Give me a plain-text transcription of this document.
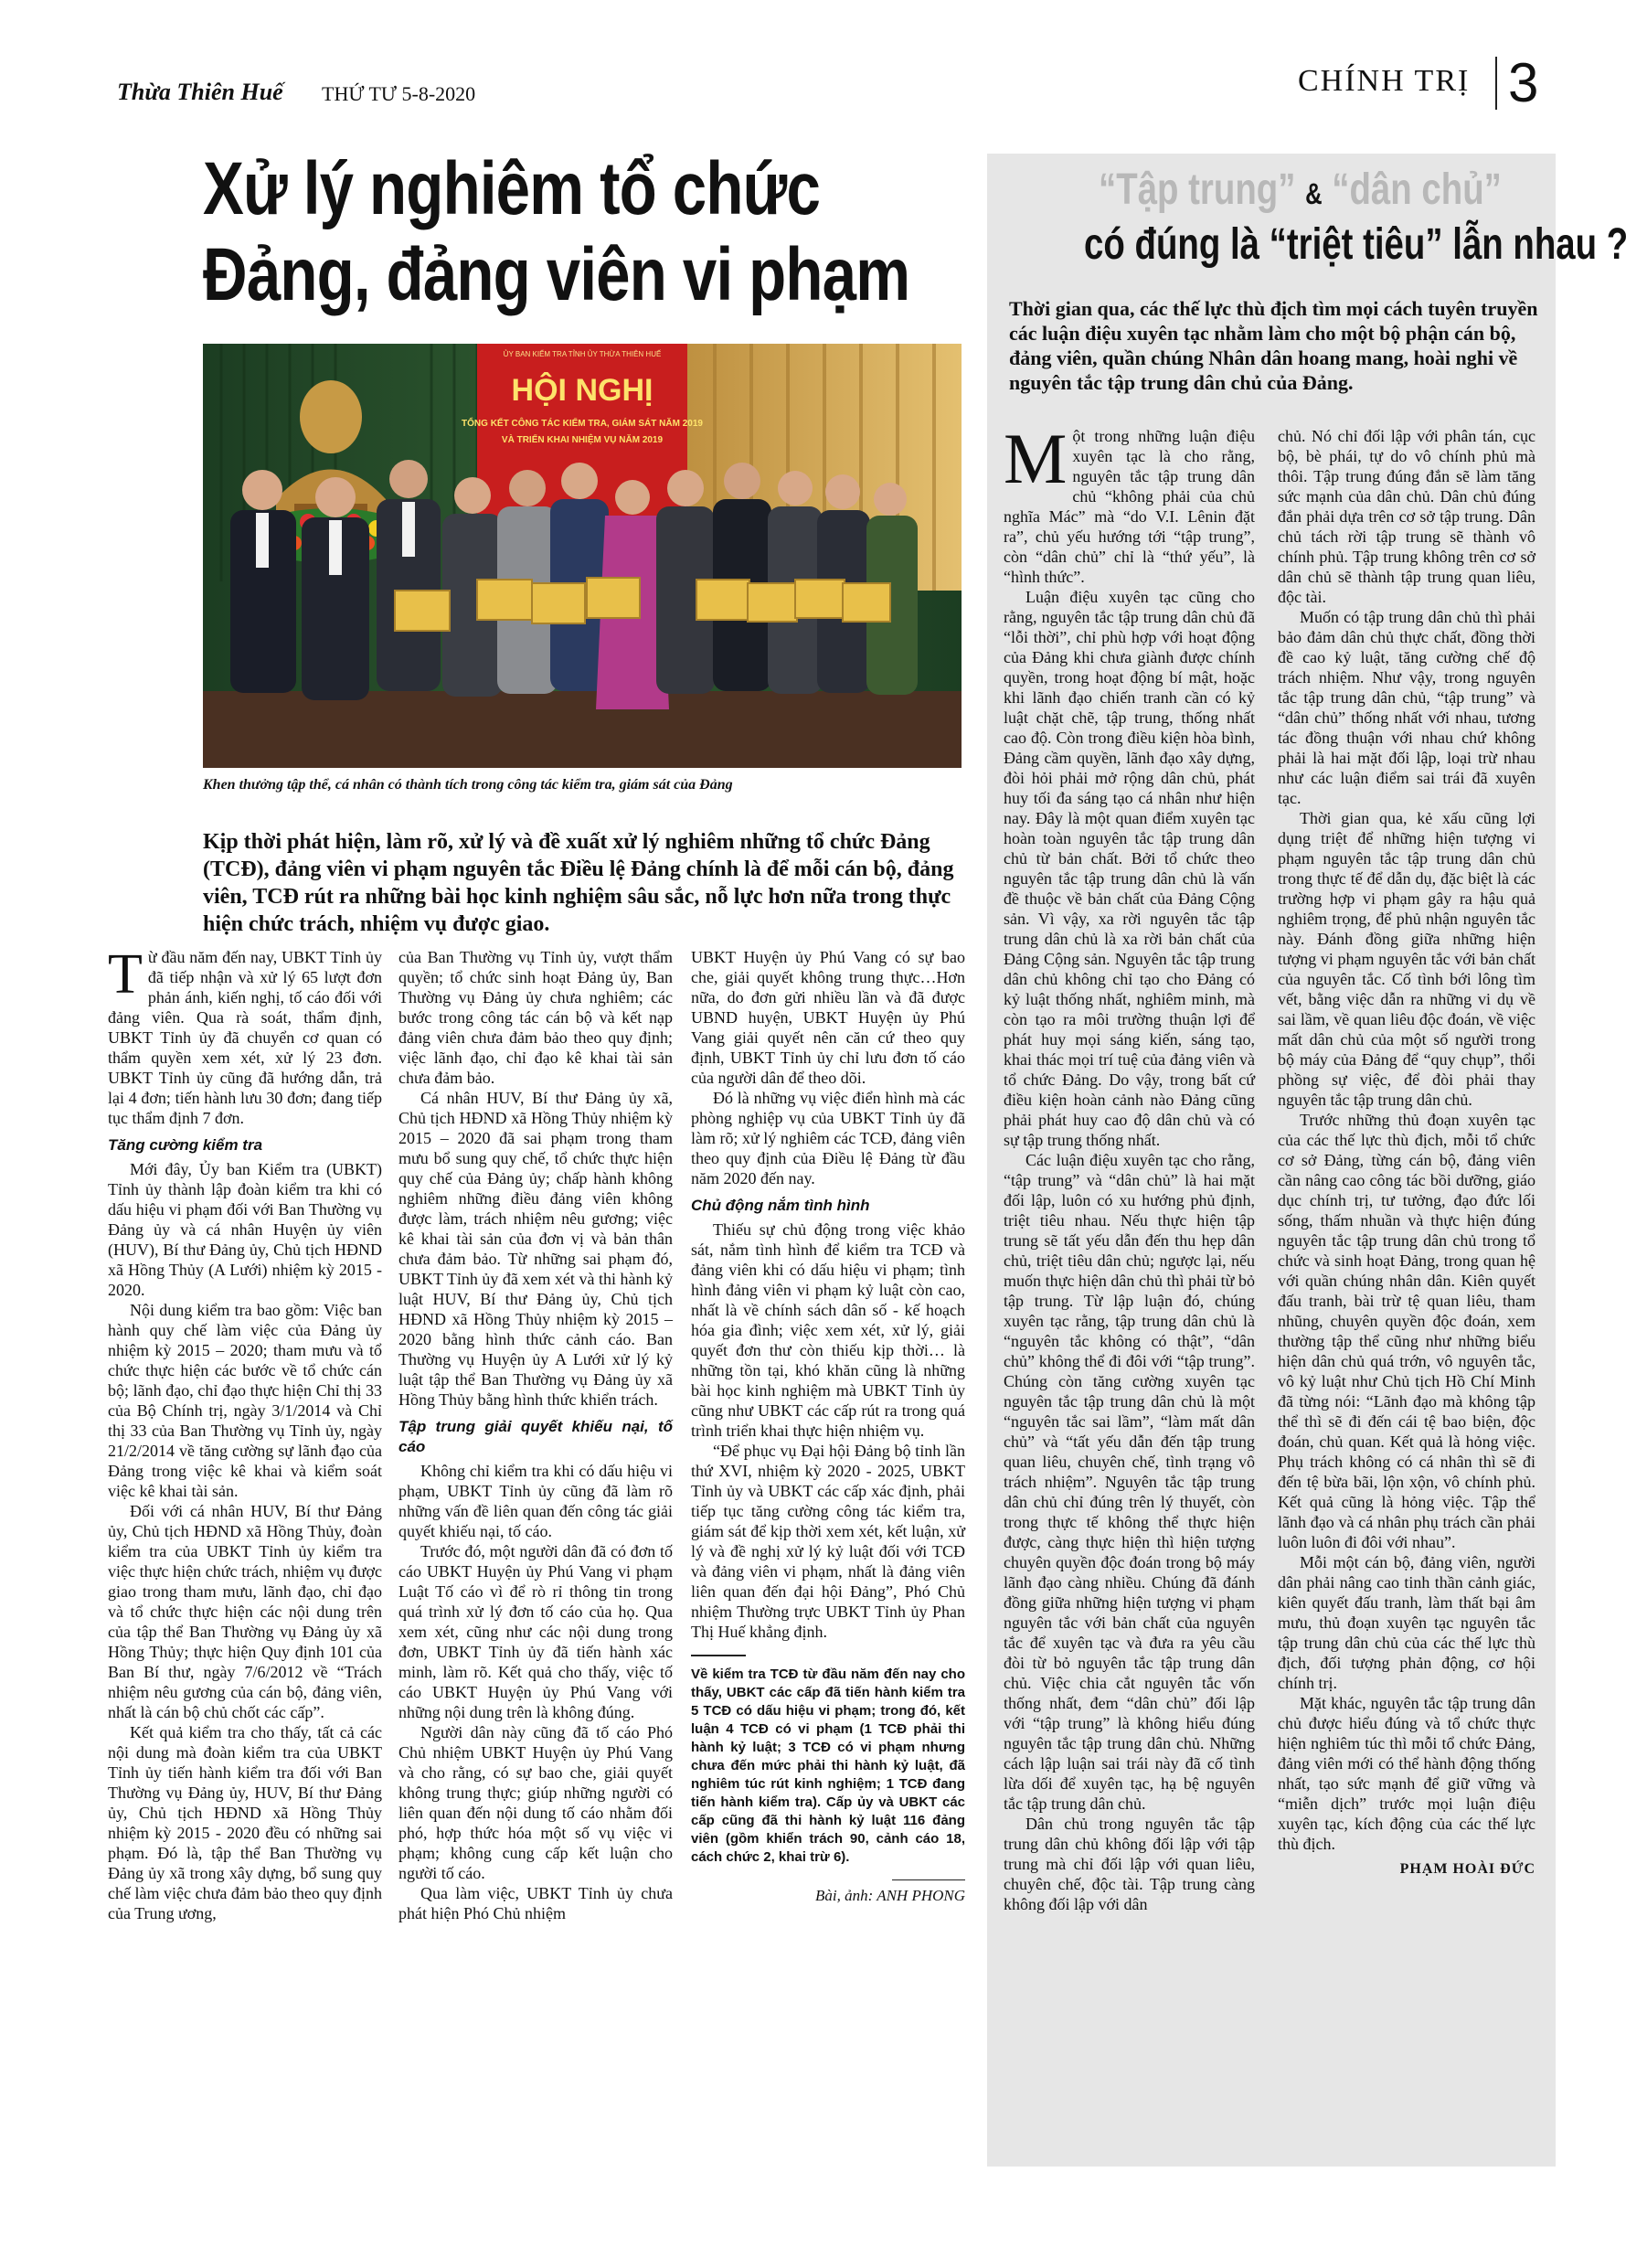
Thừa Thiên Huế THỨ TƯ 5-8-2020	CHÍNH TRỊ 3
Xử lý nghiêm tổ chức
Đảng, đảng viên vi phạm
ỦY BAN KIỂM TRA TỈNH ỦY THỪA THIÊN HUẾ
HỘI NGHỊ
TỔNG KẾT CÔNG TÁC KIỂM TRA, GIÁM SÁT NĂM 2019
VÀ TRIỂN KHAI NHIỆM VỤ NĂM 2019
Khen thưởng tập thể, cá nhân có thành tích trong công tác kiểm tra, giám sát của Đảng
Kịp thời phát hiện, làm rõ, xử lý và đề xuất xử lý nghiêm những tổ chức Đảng (TCĐ), đảng viên vi phạm nguyên tắc Điều lệ Đảng chính là để mỗi cán bộ, đảng viên, TCĐ rút ra những bài học kinh nghiệm sâu sắc, nỗ lực hơn nữa trong thực hiện chức trách, nhiệm vụ được giao.

Từ đầu năm đến nay, UBKT Tỉnh ủy đã tiếp nhận và xử lý 65 lượt đơn phản ánh, kiến nghị, tố cáo đối với đảng viên. Qua rà soát, thẩm định, UBKT Tỉnh ủy đã chuyển cơ quan có thẩm quyền xem xét, xử lý 23 đơn. UBKT Tỉnh ủy cũng đã hướng dẫn, trả lại 4 đơn; tiến hành lưu 30 đơn; đang tiếp tục thẩm định 7 đơn.

Tăng cường kiểm tra

Mới đây, Ủy ban Kiểm tra (UBKT) Tỉnh ủy thành lập đoàn kiểm tra khi có dấu hiệu vi phạm đối với Ban Thường vụ Đảng ủy và cá nhân Huyện ủy viên (HUV), Bí thư Đảng ủy, Chủ tịch HĐND xã Hồng Thủy (A Lưới) nhiệm kỳ 2015 - 2020.

Nội dung kiểm tra bao gồm: Việc ban hành quy chế làm việc của Đảng ủy nhiệm kỳ 2015 – 2020; tham mưu và tổ chức thực hiện các bước về tổ chức cán bộ; lãnh đạo, chỉ đạo thực hiện Chỉ thị 33 của Bộ Chính trị, ngày 3/1/2014 và Chỉ thị 33 của Ban Thường vụ Tỉnh ủy, ngày 21/2/2014 về tăng cường sự lãnh đạo của Đảng trong việc kê khai và kiểm soát việc kê khai tài sản.

Đối với cá nhân HUV, Bí thư Đảng ủy, Chủ tịch HĐND xã Hồng Thủy, đoàn kiểm tra của UBKT Tỉnh ủy kiểm tra việc thực hiện chức trách, nhiệm vụ được giao trong tham mưu, lãnh đạo, chỉ đạo và tổ chức thực hiện các nội dung trên của tập thể Ban Thường vụ Đảng ủy xã Hồng Thủy; thực hiện Quy định 101 của Ban Bí thư, ngày 7/6/2012 về “Trách nhiệm nêu gương của cán bộ, đảng viên, nhất là cán bộ chủ chốt các cấp”.

Kết quả kiểm tra cho thấy, tất cả các nội dung mà đoàn kiểm tra của UBKT Tỉnh ủy tiến hành kiểm tra đối với Ban Thường vụ Đảng ủy, HUV, Bí thư Đảng ủy, Chủ tịch HĐND xã Hồng Thủy nhiệm kỳ 2015 - 2020 đều có những sai phạm. Đó là, tập thể Ban Thường vụ Đảng ủy xã trong xây dựng, bổ sung quy chế làm việc chưa đảm bảo theo quy định của Trung ương,

của Ban Thường vụ Tỉnh ủy, vượt thẩm quyền; tổ chức sinh hoạt Đảng ủy, Ban Thường vụ Đảng ủy chưa nghiêm; các bước trong công tác cán bộ và kết nạp đảng viên chưa đảm bảo theo quy định; việc lãnh đạo, chỉ đạo kê khai tài sản chưa đảm bảo.

Cá nhân HUV, Bí thư Đảng ủy xã, Chủ tịch HĐND xã Hồng Thủy nhiệm kỳ 2015 – 2020 đã sai phạm trong tham mưu bổ sung quy chế, tổ chức thực hiện quy chế của Đảng ủy; chấp hành không nghiêm những điều đảng viên không được làm, trách nhiệm nêu gương; việc kê khai tài sản của đơn vị và bản thân chưa đảm bảo. Từ những sai phạm đó, UBKT Tỉnh ủy đã xem xét và thi hành kỷ luật HUV, Bí thư Đảng ủy, Chủ tịch HĐND xã Hồng Thủy nhiệm kỳ 2015 – 2020 bằng hình thức cảnh cáo. Ban Thường vụ Huyện ủy A Lưới xử lý kỷ luật tập thể Ban Thường vụ Đảng ủy xã Hồng Thủy bằng hình thức khiển trách.

Tập trung giải quyết khiếu nại, tố cáo

Không chỉ kiểm tra khi có dấu hiệu vi phạm, UBKT Tỉnh ủy cũng đã làm rõ những vấn đề liên quan đến công tác giải quyết khiếu nại, tố cáo.

Trước đó, một người dân đã có đơn tố cáo UBKT Huyện ủy Phú Vang vi phạm Luật Tố cáo vì để rò rỉ thông tin trong quá trình xử lý đơn tố cáo của họ. Qua xem xét, cũng như các nội dung trong đơn, UBKT Tỉnh ủy đã tiến hành xác minh, làm rõ. Kết quả cho thấy, việc tố cáo UBKT Huyện ủy Phú Vang với những nội dung trên là không đúng.

Người dân này cũng đã tố cáo Phó Chủ nhiệm UBKT Huyện ủy Phú Vang và cho rằng, có sự bao che, giải quyết không trung thực; giúp những người có liên quan đến nội dung tố cáo nhằm đối phó, hợp thức hóa một số vụ việc vi phạm; không cung cấp kết luận cho người tố cáo.

Qua làm việc, UBKT Tỉnh ủy chưa phát hiện Phó Chủ nhiệm

UBKT Huyện ủy Phú Vang có sự bao che, giải quyết không trung thực…Hơn nữa, do đơn gửi nhiều lần và đã được UBND huyện, UBKT Huyện ủy Phú Vang giải quyết nên căn cứ theo quy định, UBKT Tỉnh ủy chỉ lưu đơn tố cáo của người dân để theo dõi.

Đó là những vụ việc điển hình mà các phòng nghiệp vụ của UBKT Tỉnh ủy đã làm rõ; xử lý nghiêm các TCĐ, đảng viên theo quy định của Điều lệ Đảng từ đầu năm 2020 đến nay.

Chủ động nắm tình hình

Thiếu sự chủ động trong việc khảo sát, nắm tình hình để kiểm tra TCĐ và đảng viên khi có dấu hiệu vi phạm; tình hình đảng viên vi phạm kỷ luật còn cao, nhất là về chính sách dân số - kế hoạch hóa gia đình; việc xem xét, xử lý, giải quyết đơn thư còn thiếu kịp thời… là những tồn tại, khó khăn cũng là những bài học kinh nghiệm mà UBKT Tỉnh ủy cũng như UBKT các cấp rút ra trong quá trình triển khai thực hiện nhiệm vụ.

“Để phục vụ Đại hội Đảng bộ tỉnh lần thứ XVI, nhiệm kỳ 2020 - 2025, UBKT Tỉnh ủy và UBKT các cấp xác định, phải tiếp tục tăng cường công tác kiểm tra, giám sát để kịp thời xem xét, kết luận, xử lý và đề nghị xử lý kỷ luật đối với TCĐ và đảng viên vi phạm, nhất là đảng viên liên quan đến đại hội Đảng”, Phó Chủ nhiệm Thường trực UBKT Tỉnh ủy Phan Thị Huế khẳng định.

Về kiểm tra TCĐ từ đầu năm đến nay cho thấy, UBKT các cấp đã tiến hành kiểm tra 5 TCĐ có dấu hiệu vi phạm; trong đó, kết luận 4 TCĐ có vi phạm (1 TCĐ phải thi hành kỷ luật; 3 TCĐ có vi phạm nhưng chưa đến mức phải thi hành kỷ luật, đã nghiêm túc rút kinh nghiệm; 1 TCĐ đang tiến hành kiểm tra). Cấp ủy và UBKT các cấp cũng đã thi hành kỷ luật 116 đảng viên (gồm khiển trách 90, cảnh cáo 18, cách chức 2, khai trừ 6).
Bài, ảnh: ANH PHONG
“Tập trung” & “dân chủ”
có đúng là “triệt tiêu” lẫn nhau ?
Thời gian qua, các thế lực thù địch tìm mọi cách tuyên truyền các luận điệu xuyên tạc nhằm làm cho một bộ phận cán bộ, đảng viên, quần chúng Nhân dân hoang mang, hoài nghi về nguyên tắc tập trung dân chủ của Đảng.

Một trong những luận điệu xuyên tạc là cho rằng, nguyên tắc tập trung dân chủ “không phải của chủ nghĩa Mác” mà “do V.I. Lênin đặt ra”, chủ yếu hướng tới “tập trung”, còn “dân chủ” chỉ là “thứ yếu”, là “hình thức”.

Luận điệu xuyên tạc cũng cho rằng, nguyên tắc tập trung dân chủ đã “lỗi thời”, chỉ phù hợp với hoạt động của Đảng khi chưa giành được chính quyền, trong hoạt động bí mật, hoặc khi lãnh đạo chiến tranh cần có kỷ luật chặt chẽ, tập trung, thống nhất cao độ. Còn trong điều kiện hòa bình, Đảng cầm quyền, lãnh đạo xây dựng, đòi hỏi phải mở rộng dân chủ, phát huy tối đa sáng tạo cá nhân như hiện nay. Đây là một quan điểm xuyên tạc hoàn toàn nguyên tắc tập trung dân chủ từ bản chất. Bởi tổ chức theo nguyên tắc tập trung dân chủ là vấn đề thuộc về bản chất của Đảng Cộng sản. Vì vậy, xa rời nguyên tắc tập trung dân chủ là xa rời bản chất của Đảng Cộng sản. Nguyên tắc tập trung dân chủ không chỉ tạo cho Đảng có kỷ luật thống nhất, nghiêm minh, mà còn tạo ra môi trường thuận lợi để phát huy mọi sáng kiến, sáng tạo, khai thác mọi trí tuệ của đảng viên và tổ chức Đảng. Do vậy, trong bất cứ điều kiện hoàn cảnh nào Đảng cũng phải phát huy cao độ dân chủ và có sự tập trung thống nhất.

Các luận điệu xuyên tạc cho rằng, “tập trung” và “dân chủ” là hai mặt đối lập, luôn có xu hướng phủ định, triệt tiêu nhau. Nếu thực hiện tập trung sẽ tất yếu dẫn đến thu hẹp dân chủ, triệt tiêu dân chủ; ngược lại, nếu muốn thực hiện dân chủ thì phải từ bỏ tập trung. Từ lập luận đó, chúng xuyên tạc rằng, tập trung dân chủ là “nguyên tắc không có thật”, “dân chủ” không thể đi đôi với “tập trung”. Chúng còn tăng cường xuyên tạc nguyên tắc tập trung dân chủ là một “nguyên tắc sai lầm”, “làm mất dân chủ” và “tất yếu dẫn đến tập trung quan liêu, chuyên chế, tình trạng vô trách nhiệm”. Nguyên tắc tập trung dân chủ chỉ đúng trên lý thuyết, còn trong thực tế không thể thực hiện được, càng thực hiện thì hiện tượng chuyên quyền độc đoán trong bộ máy lãnh đạo càng nhiều. Chúng đã đánh đồng giữa những hiện tượng vi phạm nguyên tắc với bản chất của nguyên tắc để xuyên tạc và đưa ra yêu cầu đòi từ bỏ nguyên tắc tập trung dân chủ. Việc chia cắt nguyên tắc vốn thống nhất, đem “dân chủ” đối lập với “tập trung” là không hiểu đúng nguyên tắc tập trung dân chủ. Những cách lập luận sai trái này đã cố tình lừa dối để xuyên tạc, hạ bệ nguyên tắc tập trung dân chủ.

Dân chủ trong nguyên tắc tập trung dân chủ không đối lập với tập trung mà chỉ đối lập với quan liêu, chuyên chế, độc tài. Tập trung càng không đối lập với dân

chủ. Nó chỉ đối lập với phân tán, cục bộ, bè phái, tự do vô chính phủ mà thôi. Tập trung đúng đắn sẽ làm tăng sức mạnh của dân chủ. Dân chủ đúng đắn phải dựa trên cơ sở tập trung. Dân chủ tách rời tập trung sẽ thành vô chính phủ. Tập trung không trên cơ sở dân chủ sẽ thành tập trung quan liêu, độc tài.

Muốn có tập trung dân chủ thì phải bảo đảm dân chủ thực chất, đồng thời đề cao kỷ luật, tăng cường chế độ trách nhiệm. Như vậy, trong nguyên tắc tập trung dân chủ, “tập trung” và “dân chủ” thống nhất với nhau, tương tác đồng thuận với nhau chứ không phải là hai mặt đối lập, loại trừ nhau như các luận điểm sai trái đã xuyên tạc.

Thời gian qua, kẻ xấu cũng lợi dụng triệt để những hiện tượng vi phạm nguyên tắc tập trung dân chủ trong thực tế để dẫn dụ, đặc biệt là các trường hợp vi phạm gây ra hậu quả nghiêm trọng, để phủ nhận nguyên tắc này. Đánh đồng giữa những hiện tượng vi phạm nguyên tắc với bản chất của nguyên tắc. Cố tình bới lông tìm vết, bằng việc dẫn ra những vi dụ về sai lầm, về quan liêu độc đoán, về việc mất dân chủ của một số người trong bộ máy của Đảng để “quy chụp”, thổi phồng sự việc, để đòi phải thay nguyên tắc tập trung dân chủ.

Trước những thủ đoạn xuyên tạc của các thế lực thù địch, mỗi tổ chức cơ sở Đảng, từng cán bộ, đảng viên cần nâng cao công tác bồi dưỡng, giáo dục chính trị, tư tưởng, đạo đức lối sống, thấm nhuần và thực hiện đúng nguyên tắc tập trung dân chủ trong tổ chức và sinh hoạt Đảng, trong quan hệ với quần chúng nhân dân. Kiên quyết đấu tranh, bài trừ tệ quan liêu, tham nhũng, chuyên quyền độc đoán, xem thường tập thể cũng như những biểu hiện dân chủ quá trớn, vô nguyên tắc, vô kỷ luật như Chủ tịch Hồ Chí Minh đã từng nói: “Lãnh đạo mà không tập thể thì sẽ đi đến cái tệ bao biện, độc đoán, chủ quan. Kết quả là hỏng việc. Phụ trách không có cá nhân thì sẽ đi đến tệ bừa bãi, lộn xộn, vô chính phủ. Kết quả cũng là hỏng việc. Tập thể lãnh đạo và cá nhân phụ trách cần phải luôn luôn đi đôi với nhau”.

Mỗi một cán bộ, đảng viên, người dân phải nâng cao tinh thần cảnh giác, kiên quyết đấu tranh, làm thất bại âm mưu, thủ đoạn xuyên tạc nguyên tắc tập trung dân chủ của các thế lực thù địch, đối tượng phản động, cơ hội chính trị.

Mặt khác, nguyên tắc tập trung dân chủ được hiểu đúng và tổ chức thực hiện nghiêm túc thì mỗi tổ chức Đảng, đảng viên mới có thể hành động thống nhất, tạo sức mạnh để giữ vững và “miễn dịch” trước mọi luận điệu xuyên tạc, kích động của các thế lực thù địch.

PHẠM HOÀI ĐỨC
